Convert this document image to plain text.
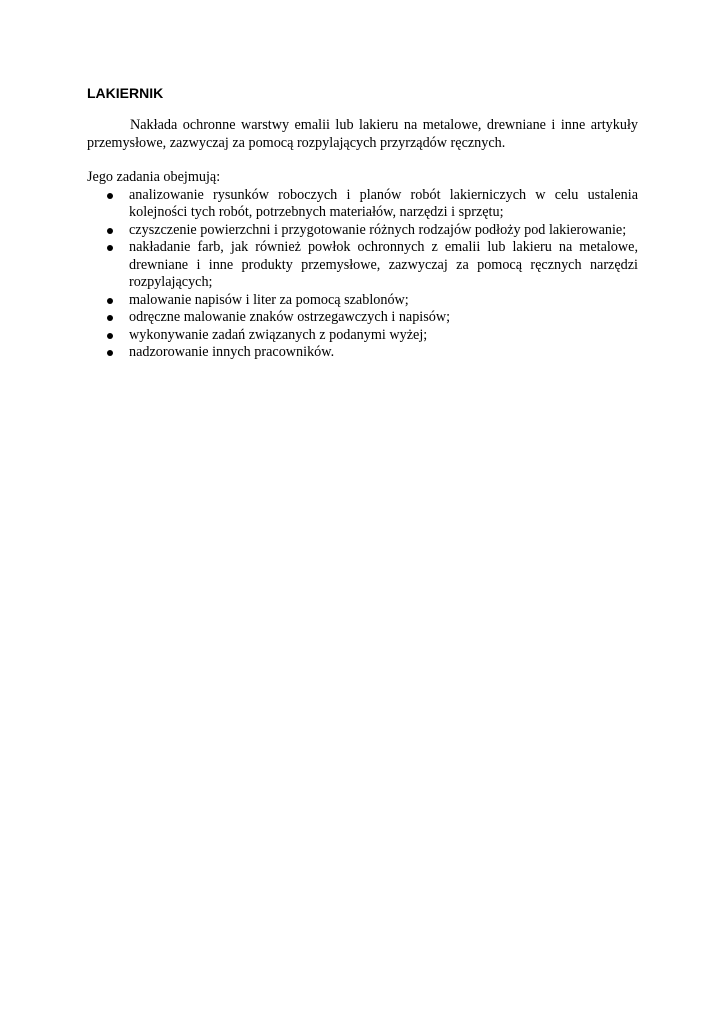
LAKIERNIK

Nakłada ochronne warstwy emalii lub lakieru na metalowe, drewniane i inne artykuły przemysłowe, zazwyczaj za pomocą rozpylających przyrządów ręcznych.

Jego zadania obejmują:

analizowanie rysunków roboczych i planów robót lakierniczych w celu ustalenia kolejności tych robót, potrzebnych materiałów, narzędzi i sprzętu;
czyszczenie powierzchni i przygotowanie różnych rodzajów podłoży pod lakierowanie;
nakładanie farb, jak również powłok ochronnych z emalii lub lakieru na metalowe, drewniane i inne produkty przemysłowe, zazwyczaj za pomocą ręcznych narzędzi rozpylających;
malowanie napisów i liter za pomocą szablonów;
odręczne malowanie znaków ostrzegawczych i napisów;
wykonywanie zadań związanych z podanymi wyżej;
nadzorowanie innych pracowników.
